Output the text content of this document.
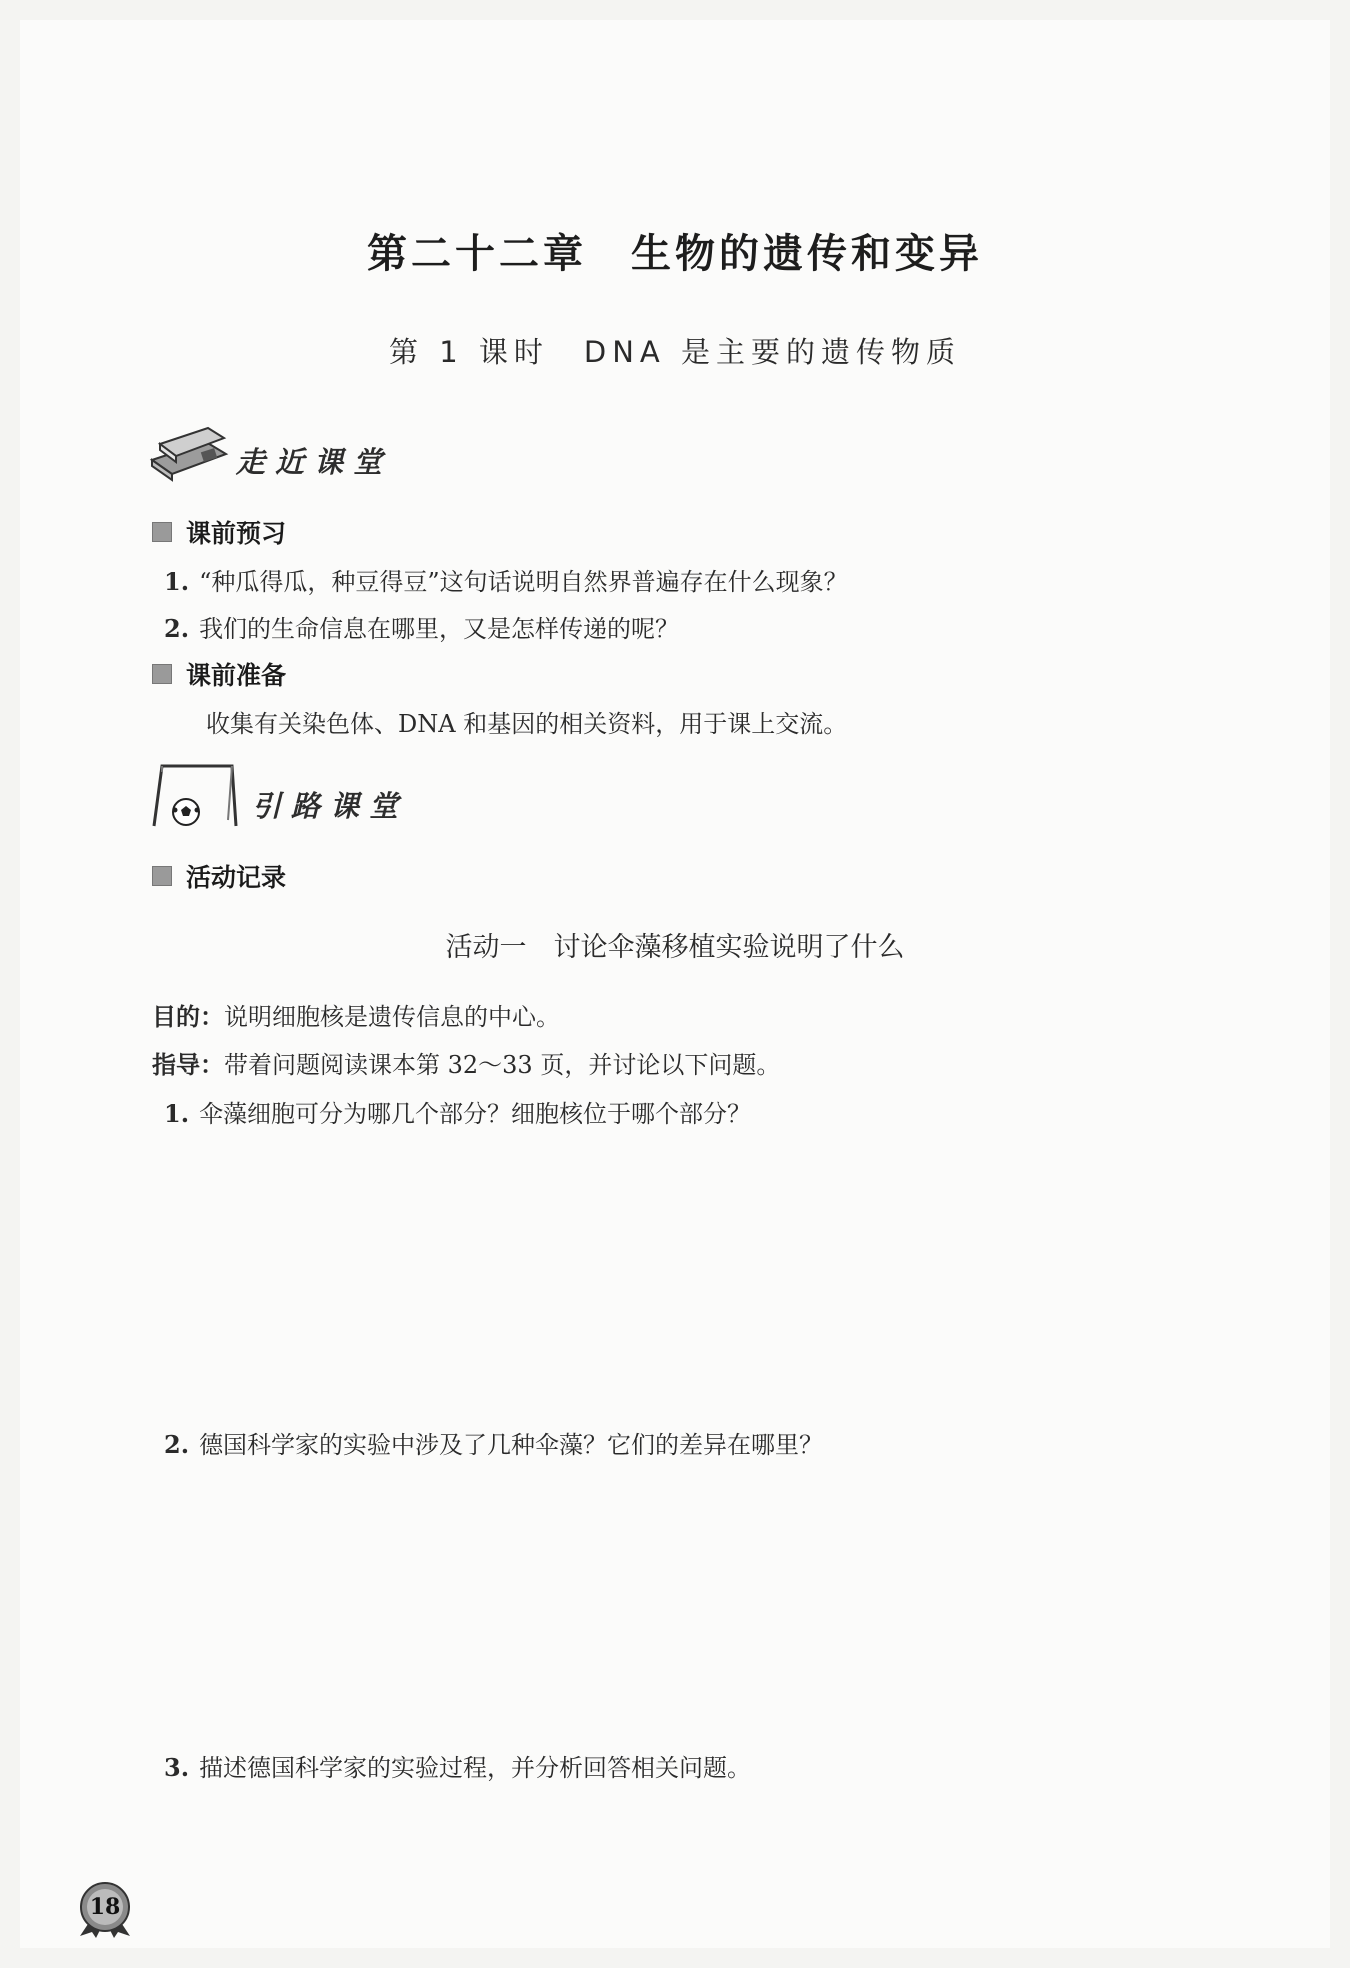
第二十二章　生物的遗传和变异
第 1 课时　DNA 是主要的遗传物质
走近课堂
课前预习
1. “种瓜得瓜，种豆得豆”这句话说明自然界普遍存在什么现象？
2. 我们的生命信息在哪里，又是怎样传递的呢？
课前准备
收集有关染色体、DNA 和基因的相关资料，用于课上交流。
引路课堂
活动记录
活动一　讨论伞藻移植实验说明了什么
目的：说明细胞核是遗传信息的中心。
指导：带着问题阅读课本第 32～33 页，并讨论以下问题。
1. 伞藻细胞可分为哪几个部分？细胞核位于哪个部分？
2. 德国科学家的实验中涉及了几种伞藻？它们的差异在哪里？
3. 描述德国科学家的实验过程，并分析回答相关问题。
18
